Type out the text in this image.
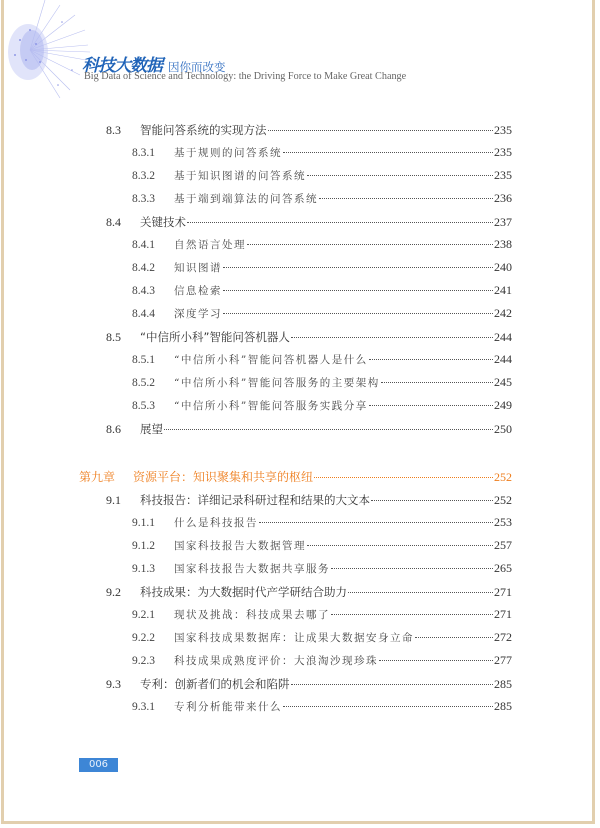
科技大数据 因你而改变
Big Data of Science and Technology: the Driving Force to Make Great Change
8.3	智能问答系统的实现方法	235
8.3.1	基于规则的问答系统	235
8.3.2	基于知识图谱的问答系统	235
8.3.3	基于端到端算法的问答系统	236
8.4	关键技术	237
8.4.1	自然语言处理	238
8.4.2	知识图谱	240
8.4.3	信息检索	241
8.4.4	深度学习	242
8.5	“中信所小科”智能问答机器人	244
8.5.1	“中信所小科”智能问答机器人是什么	244
8.5.2	“中信所小科”智能问答服务的主要架构	245
8.5.3	“中信所小科”智能问答服务实践分享	249
8.6	展望	250
第九章	资源平台：知识聚集和共享的枢纽	252
9.1	科技报告：详细记录科研过程和结果的大文本	252
9.1.1	什么是科技报告	253
9.1.2	国家科技报告大数据管理	257
9.1.3	国家科技报告大数据共享服务	265
9.2	科技成果：为大数据时代产学研结合助力	271
9.2.1	现状及挑战：科技成果去哪了	271
9.2.2	国家科技成果数据库：让成果大数据安身立命	272
9.2.3	科技成果成熟度评价：大浪淘沙现珍珠	277
9.3	专利：创新者们的机会和陷阱	285
9.3.1	专利分析能带来什么	285
006
